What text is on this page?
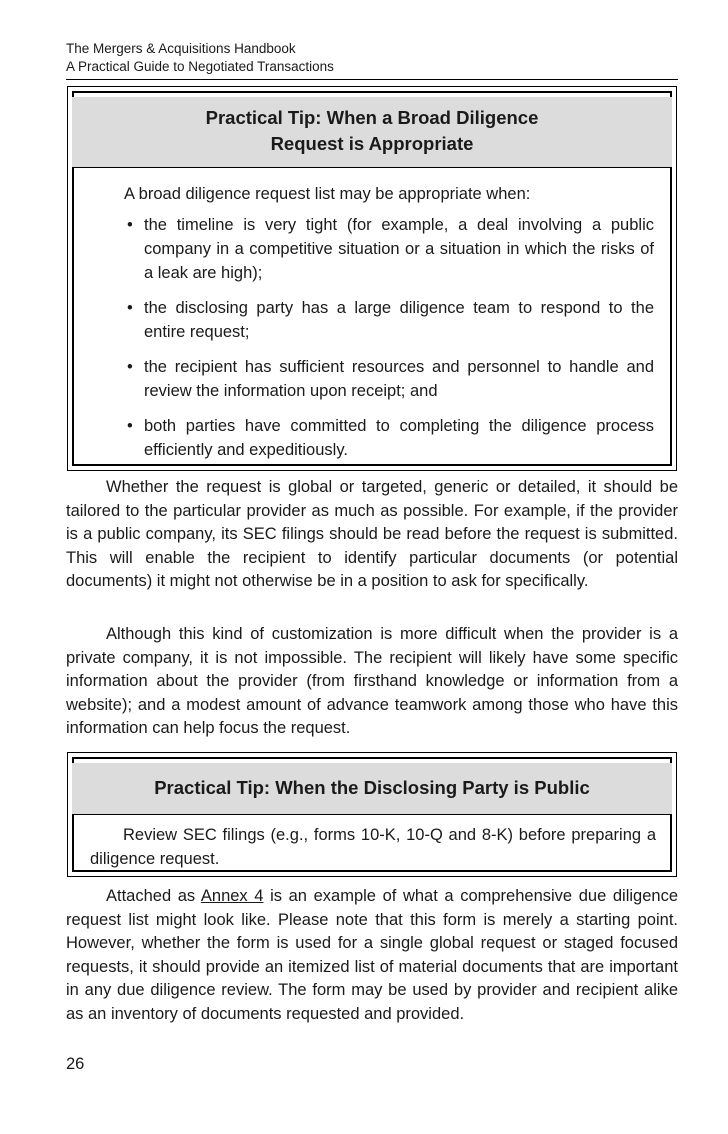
The Mergers & Acquisitions Handbook
A Practical Guide to Negotiated Transactions
Practical Tip: When a Broad Diligence
Request is Appropriate
A broad diligence request list may be appropriate when:
• the timeline is very tight (for example, a deal involving a public company in a competitive situation or a situation in which the risks of a leak are high);
• the disclosing party has a large diligence team to respond to the entire request;
• the recipient has sufficient resources and personnel to handle and review the information upon receipt; and
• both parties have committed to completing the diligence process efficiently and expeditiously.

Whether the request is global or targeted, generic or detailed, it should be tailored to the particular provider as much as possible. For example, if the provider is a public company, its SEC filings should be read before the request is submitted. This will enable the recipient to identify particular documents (or potential documents) it might not otherwise be in a position to ask for specifically.

Although this kind of customization is more difficult when the provider is a private company, it is not impossible. The recipient will likely have some specific information about the provider (from firsthand knowledge or information from a website); and a modest amount of advance teamwork among those who have this information can help focus the request.

Practical Tip: When the Disclosing Party is Public
Review SEC filings (e.g., forms 10-K, 10-Q and 8-K) before preparing a diligence request.

Attached as Annex 4 is an example of what a comprehensive due diligence request list might look like. Please note that this form is merely a starting point. However, whether the form is used for a single global request or staged focused requests, it should provide an itemized list of material documents that are important in any due diligence review. The form may be used by provider and recipient alike as an inventory of documents requested and provided.

26
